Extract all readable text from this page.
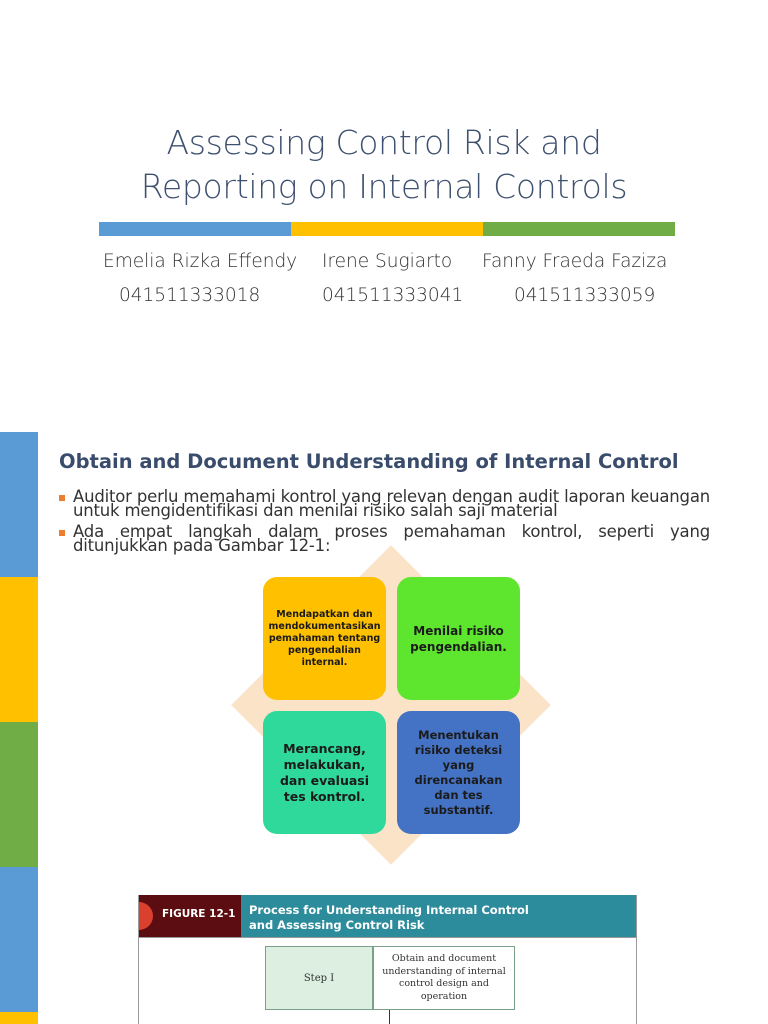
Assessing Control Risk and
Reporting on Internal Controls
Emelia Rizka Effendy
041511333018
Irene Sugiarto
041511333041
Fanny Fraeda Faziza
041511333059
Obtain and Document Understanding of Internal Control
Auditor perlu memahami kontrol yang relevan dengan audit laporan keuangan untuk mengidentifikasi dan menilai risiko salah saji material
Ada empat langkah dalam proses pemahaman kontrol, seperti yang ditunjukkan pada Gambar 12-1:
Mendapatkan dan mendokumentasikan pemahaman tentang pengendalian internal.
Menilai risiko pengendalian.
Merancang, melakukan, dan evaluasi tes kontrol.
Menentukan risiko deteksi yang direncanakan dan tes substantif.
FIGURE 12-1 Process for Understanding Internal Control
and Assessing Control Risk
Step I
Obtain and document understanding of internal control design and operation
